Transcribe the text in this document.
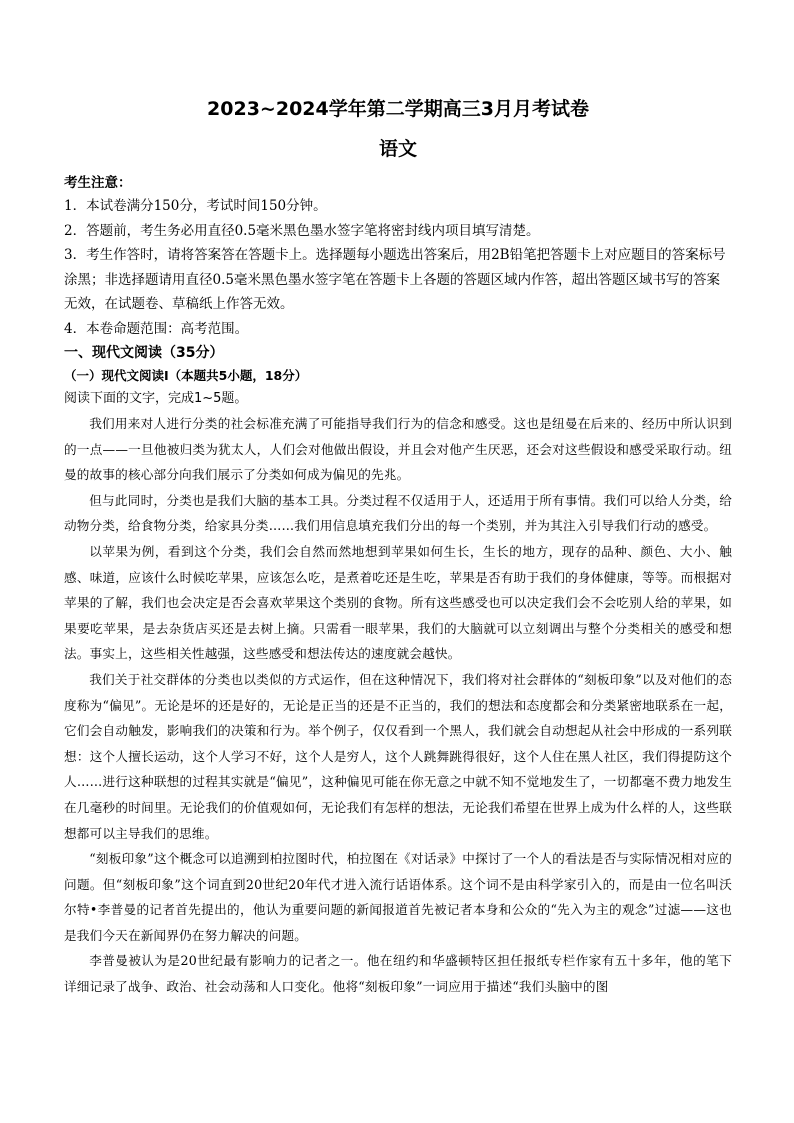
2023~2024学年第二学期高三3月月考试卷
语文

考生注意：

1．本试卷满分150分，考试时间150分钟。
2．答题前，考生务必用直径0.5毫米黑色墨水签字笔将密封线内项目填写清楚。
3．考生作答时，请将答案答在答题卡上。选择题每小题选出答案后，用2B铅笔把答题卡上对应题目的答案标号涂黑；非选择题请用直径0.5毫米黑色墨水签字笔在答题卡上各题的答题区域内作答，超出答题区域书写的答案无效，在试题卷、草稿纸上作答无效。
4．本卷命题范围：高考范围。

一、现代文阅读（35分）

（一）现代文阅读Ⅰ（本题共5小题，18分）

阅读下面的文字，完成1~5题。

我们用来对人进行分类的社会标准充满了可能指导我们行为的信念和感受。这也是纽曼在后来的、经历中所认识到的一点——一旦他被归类为犹太人，人们会对他做出假设，并且会对他产生厌恶，还会对这些假设和感受采取行动。纽曼的故事的核心部分向我们展示了分类如何成为偏见的先兆。

但与此同时，分类也是我们大脑的基本工具。分类过程不仅适用于人，还适用于所有事情。我们可以给人分类，给动物分类，给食物分类，给家具分类……我们用信息填充我们分出的每一个类别，并为其注入引导我们行动的感受。

以苹果为例，看到这个分类，我们会自然而然地想到苹果如何生长，生长的地方，现存的品种、颜色、大小、触感、味道，应该什么时候吃苹果，应该怎么吃，是煮着吃还是生吃，苹果是否有助于我们的身体健康，等等。而根据对苹果的了解，我们也会决定是否会喜欢苹果这个类别的食物。所有这些感受也可以决定我们会不会吃别人给的苹果，如果要吃苹果，是去杂货店买还是去树上摘。只需看一眼苹果，我们的大脑就可以立刻调出与整个分类相关的感受和想法。事实上，这些相关性越强，这些感受和想法传达的速度就会越快。

我们关于社交群体的分类也以类似的方式运作，但在这种情况下，我们将对社会群体的“刻板印象”以及对他们的态度称为“偏见”。无论是坏的还是好的，无论是正当的还是不正当的，我们的想法和态度都会和分类紧密地联系在一起，它们会自动触发，影响我们的决策和行为。举个例子，仅仅看到一个黑人，我们就会自动想起从社会中形成的一系列联想：这个人擅长运动，这个人学习不好，这个人是穷人，这个人跳舞跳得很好，这个人住在黑人社区，我们得提防这个人……进行这种联想的过程其实就是“偏见”，这种偏见可能在你无意之中就不知不觉地发生了，一切都毫不费力地发生在几毫秒的时间里。无论我们的价值观如何，无论我们有怎样的想法，无论我们希望在世界上成为什么样的人，这些联想都可以主导我们的思维。

“刻板印象”这个概念可以追溯到柏拉图时代，柏拉图在《对话录》中探讨了一个人的看法是否与实际情况相对应的问题。但“刻板印象”这个词直到20世纪20年代才进入流行话语体系。这个词不是由科学家引入的，而是由一位名叫沃尔特•李普曼的记者首先提出的，他认为重要问题的新闻报道首先被记者本身和公众的“先入为主的观念”过滤——这也是我们今天在新闻界仍在努力解决的问题。

李普曼被认为是20世纪最有影响力的记者之一。他在纽约和华盛顿特区担任报纸专栏作家有五十多年，他的笔下详细记录了战争、政治、社会动荡和人口变化。他将“刻板印象”一词应用于描述“我们头脑中的图
